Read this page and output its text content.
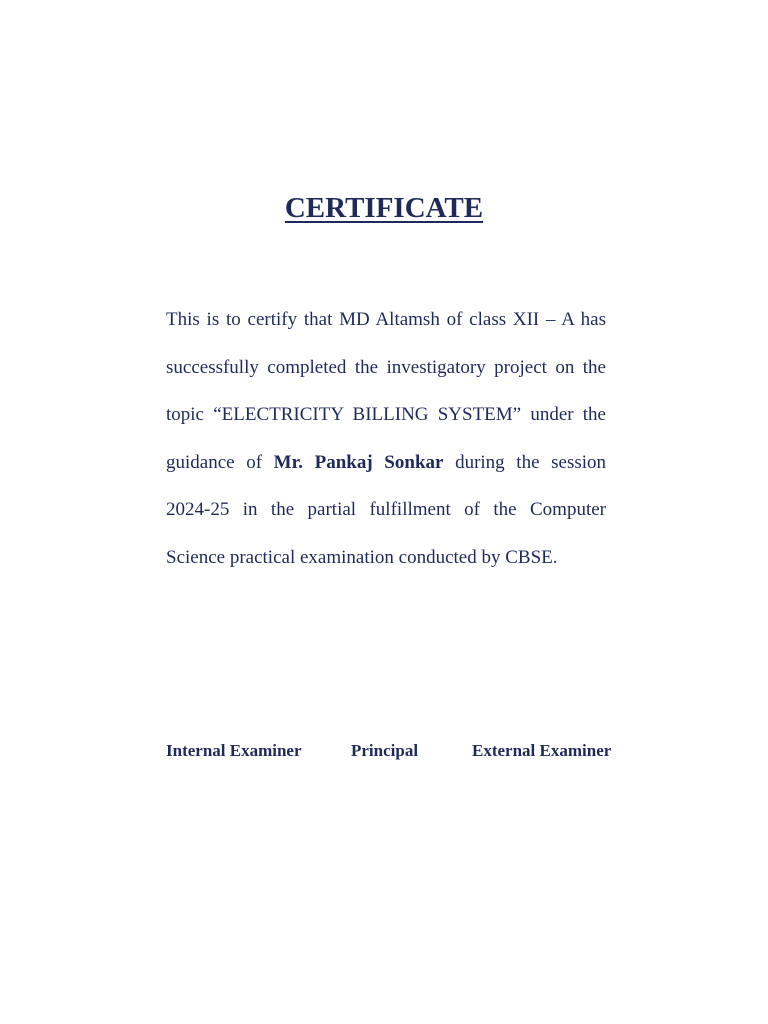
CERTIFICATE
This is to certify that MD Altamsh of class XII – A has
successfully completed the investigatory project on the
topic “ELECTRICITY BILLING SYSTEM” under the
guidance of Mr. Pankaj Sonkar during the session
2024-25 in the partial fulfillment of the Computer
Science practical examination conducted by CBSE.
Internal Examiner	Principal	External Examiner
